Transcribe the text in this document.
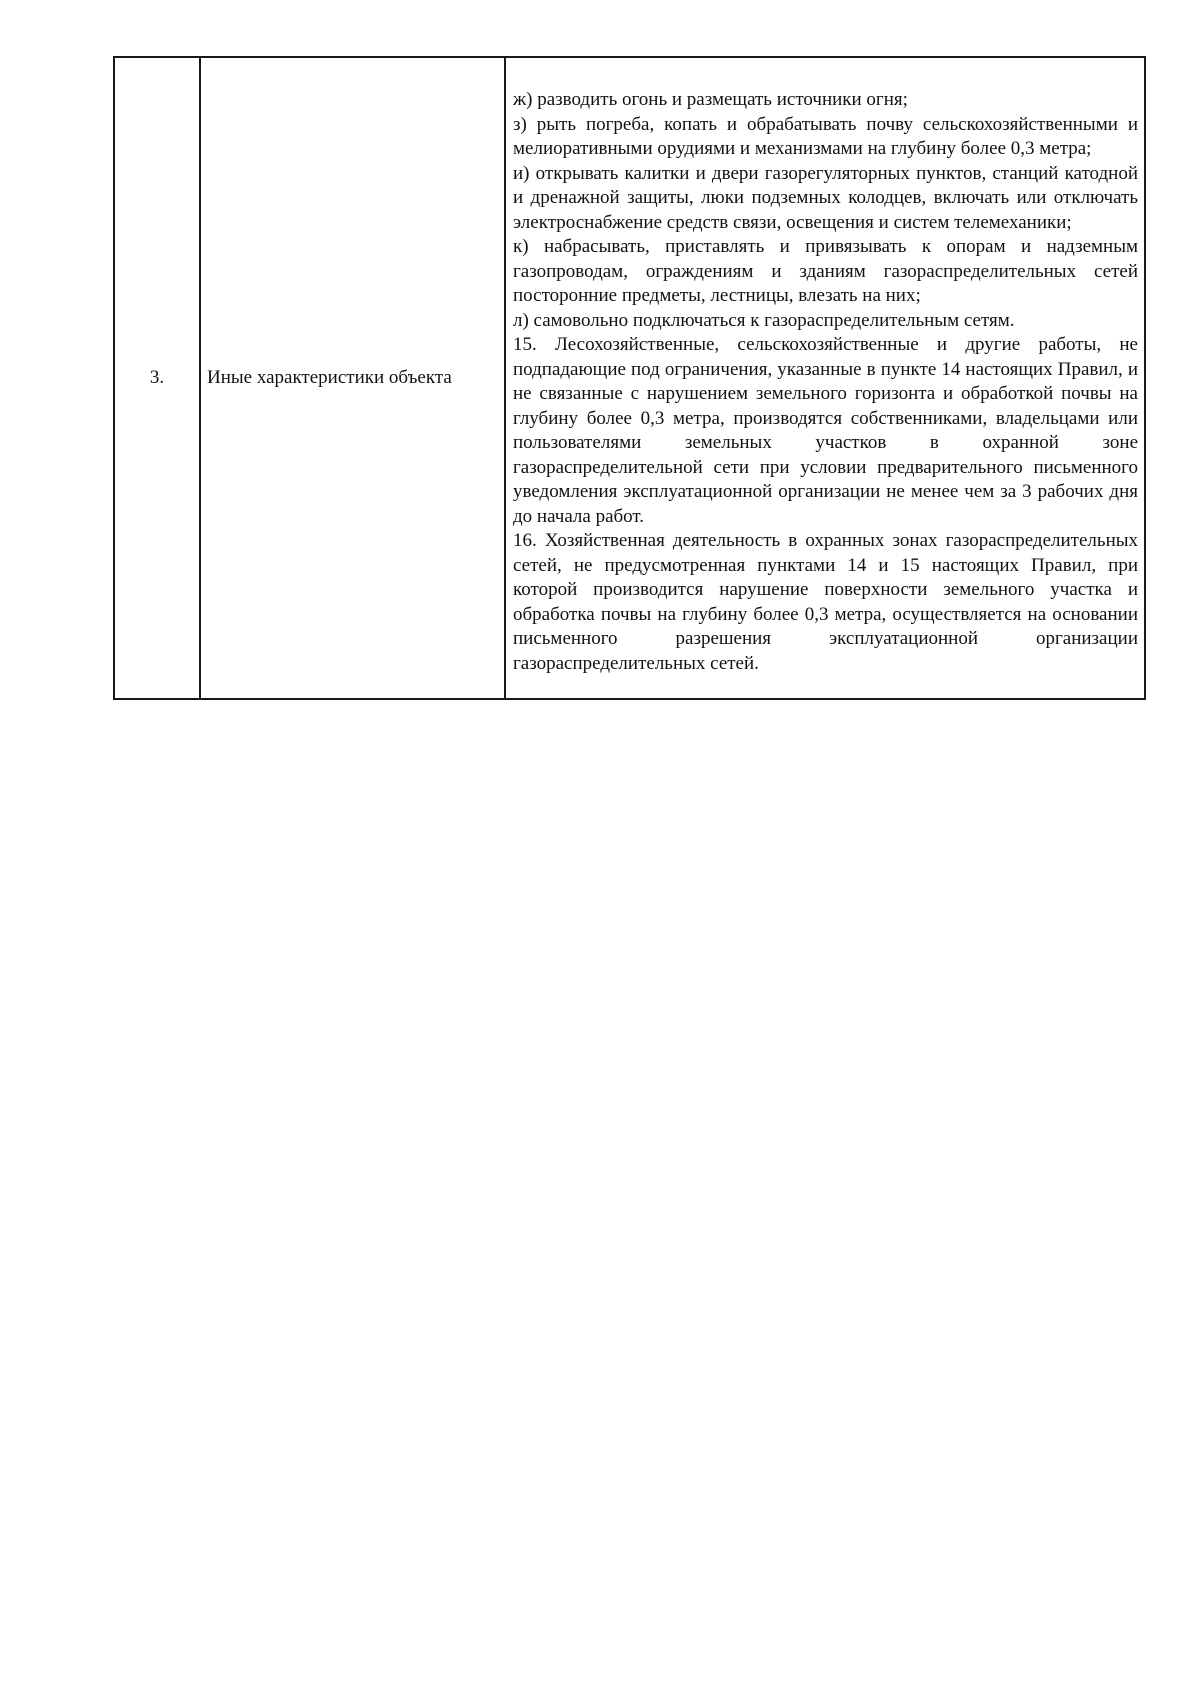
3.	Иные характеристики объекта	

ж) разводить огонь и размещать источники огня;

з) рыть погреба, копать и обрабатывать почву сельскохозяйственными и мелиоративными орудиями и механизмами на глубину более 0,3 метра;

и) открывать калитки и двери газорегуляторных пунктов, станций катодной и дренажной защиты, люки подземных колодцев, включать или отключать электроснабжение средств связи, освещения и систем телемеханики;

к) набрасывать, приставлять и привязывать к опорам и надземным газопроводам, ограждениям и зданиям газораспределительных сетей посторонние предметы, лестницы, влезать на них;

л) самовольно подключаться к газораспределительным сетям.

15. Лесохозяйственные, сельскохозяйственные и другие работы, не подпадающие под ограничения, указанные в пункте 14 настоящих Правил, и не связанные с нарушением земельного горизонта и обработкой почвы на глубину более 0,3 метра, производятся собственниками, владельцами или пользователями земельных участков в охранной зоне газораспределительной сети при условии предварительного письменного уведомления эксплуатационной организации не менее чем за 3 рабочих дня до начала работ.

16. Хозяйственная деятельность в охранных зонах газораспределительных сетей, не предусмотренная пунктами 14 и 15 настоящих Правил, при которой производится нарушение поверхности земельного участка и обработка почвы на глубину более 0,3 метра, осуществляется на основании письменного разрешения эксплуатационной организации газораспределительных сетей.
